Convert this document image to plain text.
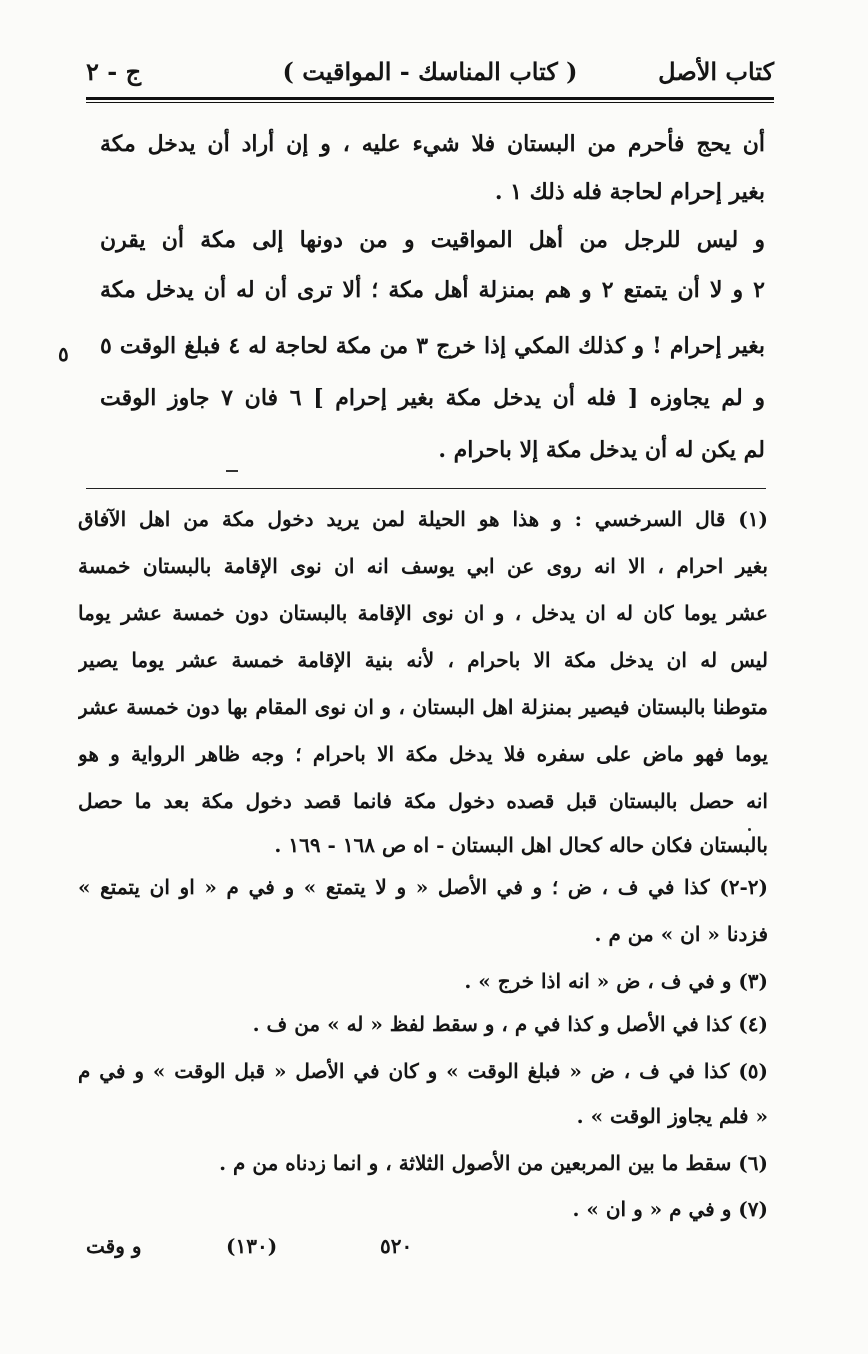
كتاب الأصل
( كتاب المناسك - المواقيت )
ج - ٢
أن يحج فأحرم من البستان فلا شيء عليه ، و إن أراد أن يدخل مكة
بغير إحرام لحاجة فله ذلك ١ .
و ليس للرجل من أهل المواقيت و من دونها إلى مكة أن يقرن
٢ و لا أن يتمتع ٢ و هم بمنزلة أهل مكة ؛ ألا ترى أن له أن يدخل مكة
بغير إحرام ! و كذلك المكي إذا خرج ٣ من مكة لحاجة له ٤ فبلغ الوقت ٥
و لم يجاوزه [ فله أن يدخل مكة بغير إحرام ] ٦ فان ٧ جاوز الوقت
لم يكن له أن يدخل مكة إلا باحرام .
٥
(١) قال السرخسي : و هذا هو الحيلة لمن يريد دخول مكة من اهل الآفاق
بغير احرام ، الا انه روى عن ابي يوسف انه ان نوى الإقامة بالبستان خمسة
عشر يوما كان له ان يدخل ، و ان نوى الإقامة بالبستان دون خمسة عشر يوما
ليس له ان يدخل مكة الا باحرام ، لأنه بنية الإقامة خمسة عشر يوما يصير
متوطنا بالبستان فيصير بمنزلة اهل البستان ، و ان نوى المقام بها دون خمسة عشر
يوما فهو ماض على سفره فلا يدخل مكة الا باحرام ؛ وجه ظاهر الرواية و هو
انه حصل بالبستان قبل قصده دخول مكة فانما قصد دخول مكة بعد ما حصل
بالبستان فكان حاله كحال اهل البستان - اه ص ١٦٨ - ١٦٩ .
(٢-٢) كذا في ف ، ض ؛ و في الأصل « و لا يتمتع » و في م « او ان يتمتع »
فزدنا « ان » من م .
(٣) و في ف ، ض « انه اذا خرج » .
(٤) كذا في الأصل و كذا في م ، و سقط لفظ « له » من ف .
(٥) كذا في ف ، ض « فبلغ الوقت » و كان في الأصل « قبل الوقت » و في م
« فلم يجاوز الوقت » .
(٦) سقط ما بين المربعين من الأصول الثلاثة ، و انما زدناه من م .
(٧) و في م « و ان » .
و وقت	(١٣٠)	٥٢٠
